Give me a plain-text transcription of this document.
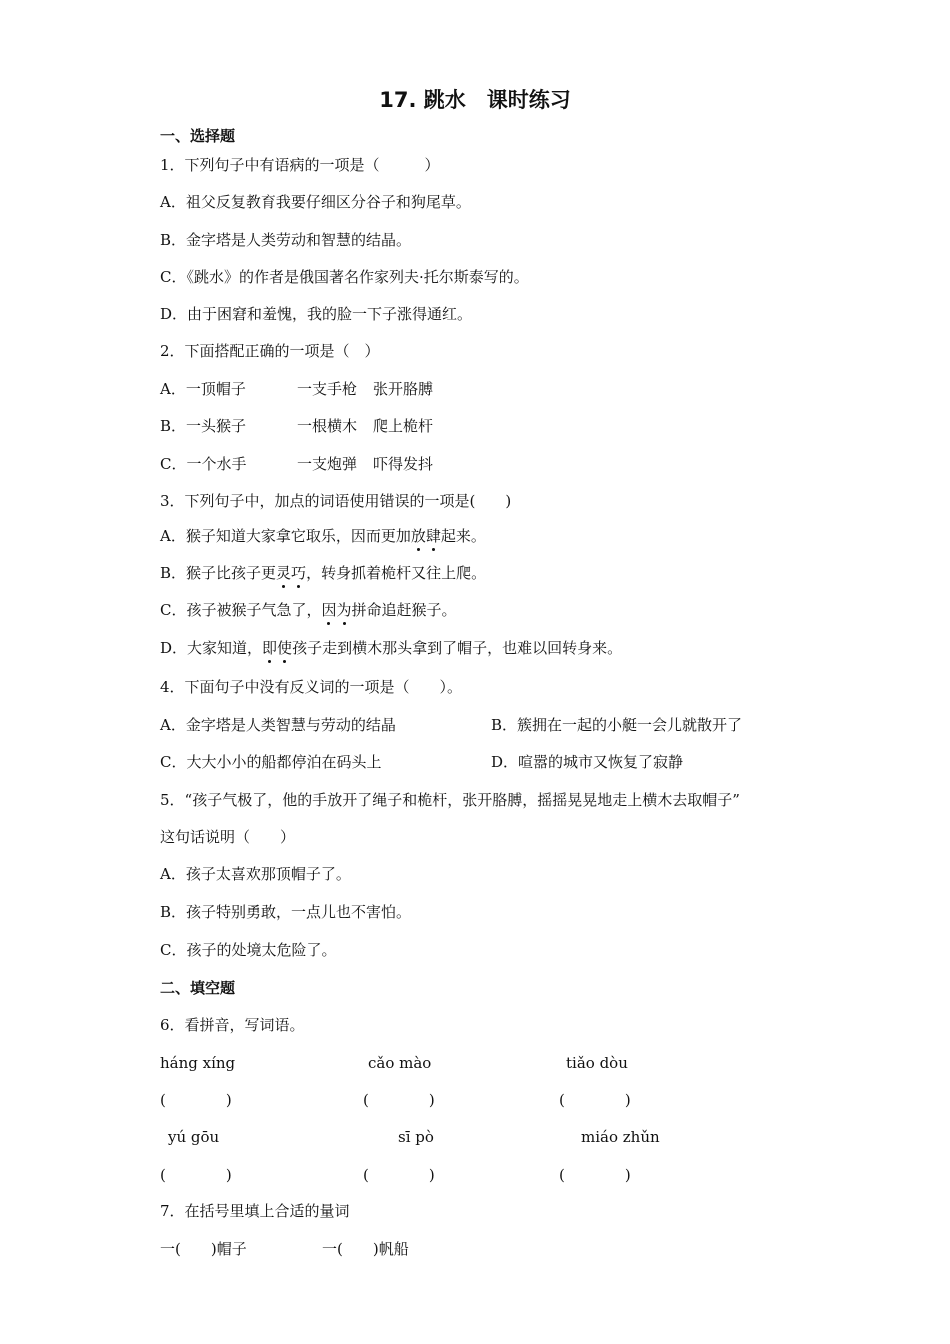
17. 跳水　课时练习
一、选择题
1．下列句子中有语病的一项是（　　　）
A．祖父反复教育我要仔细区分谷子和狗尾草。
B．金字塔是人类劳动和智慧的结晶。
C．《跳水》的作者是俄国著名作家列夫·托尔斯泰写的。
D．由于困窘和羞愧，我的脸一下子涨得通红。
2．下面搭配正确的一项是（　）
A．一顶帽子	一支手枪 张开胳膊
B．一头猴子	一根横木 爬上桅杆
C．一个水手	一支炮弹 吓得发抖
3．下列句子中，加点的词语使用错误的一项是(　　)
A．猴子知道大家拿它取乐，因而更加放肆起来。
B．猴子比孩子更灵巧，转身抓着桅杆又往上爬。
C．孩子被猴子气急了，因为拼命追赶猴子。
D．大家知道，即使孩子走到横木那头拿到了帽子，也难以回转身来。
4．下面句子中没有反义词的一项是（　　）。
A．金字塔是人类智慧与劳动的结晶	B．簇拥在一起的小艇一会儿就散开了
C．大大小小的船都停泊在码头上	D．喧嚣的城市又恢复了寂静
5．“孩子气极了，他的手放开了绳子和桅杆，张开胳膊，摇摇晃晃地走上横木去取帽子”
这句话说明（　　）
A．孩子太喜欢那顶帽子了。
B．孩子特别勇敢，一点儿也不害怕。
C．孩子的处境太危险了。
二、填空题
6．看拼音，写词语。
háng xíng	cǎo mào	tiǎo dòu
(　　　　)	(　　　　)	(　　　　)
yú gōu	sī pò	miáo zhǔn
(　　　　)	(　　　　)	(　　　　)
7．在括号里填上合适的量词
一(　　)帽子	一(　　)帆船
